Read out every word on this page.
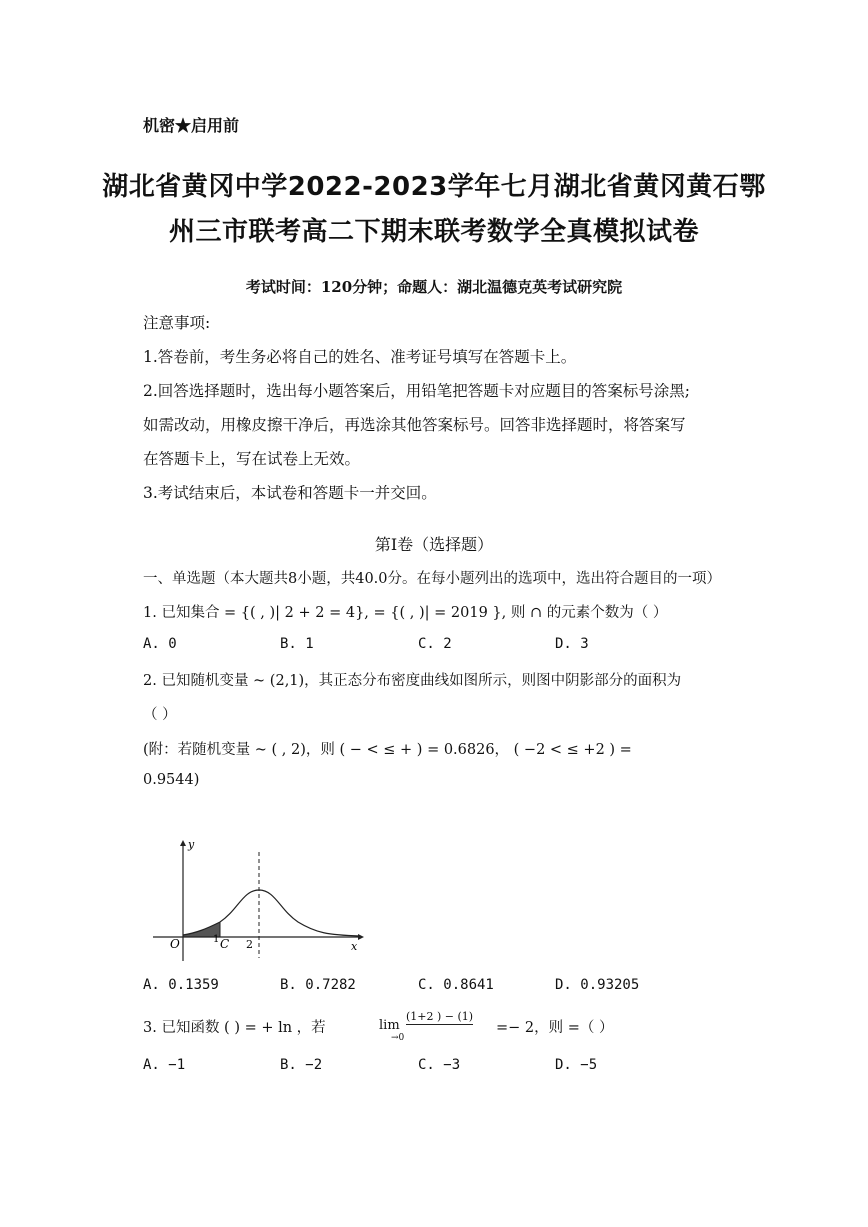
机密★启用前
湖北省黄冈中学2022-2023学年七月湖北省黄冈黄石鄂
州三市联考高二下期末联考数学全真模拟试卷
考试时间：120分钟；命题人：湖北温德克英考试研究院
注意事项:
1.答卷前，考生务必将自己的姓名、准考证号填写在答题卡上。
2.回答选择题时，选出每小题答案后，用铅笔把答题卡对应题目的答案标号涂黑;
如需改动，用橡皮擦干净后，再选涂其他答案标号。回答非选择题时，将答案写
在答题卡上，写在试卷上无效。
3.考试结束后，本试卷和答题卡一并交回。
第Ⅰ卷（选择题）
一、单选题（本大题共8小题，共40.0分。在每小题列出的选项中，选出符合题目的一项）
1. 已知集合 = {( , )| 2 + 2 = 4}, = {( , )| = 2019 }, 则 ∩ 的元素个数为（ ）
A. 0	B. 1	C. 2	D. 3
2. 已知随机变量 ~ (2,1)，其正态分布密度曲线如图所示，则图中阴影部分的面积为
（ ）
(附：若随机变量 ~ ( , 2)，则 ( − < ≤ + ) = 0.6826， ( −2 < ≤ +2 ) =
0.9544)
y
x
O	1 C 2
A. 0.1359	B. 0.7282	C. 0.8641	D. 0.93205
3. 已知函数 ( ) = + ln ，若	lim
→0
(1+2 ) − (1)
=− 2，则 =（ ）
A. −1	B. −2	C. −3	D. −5
